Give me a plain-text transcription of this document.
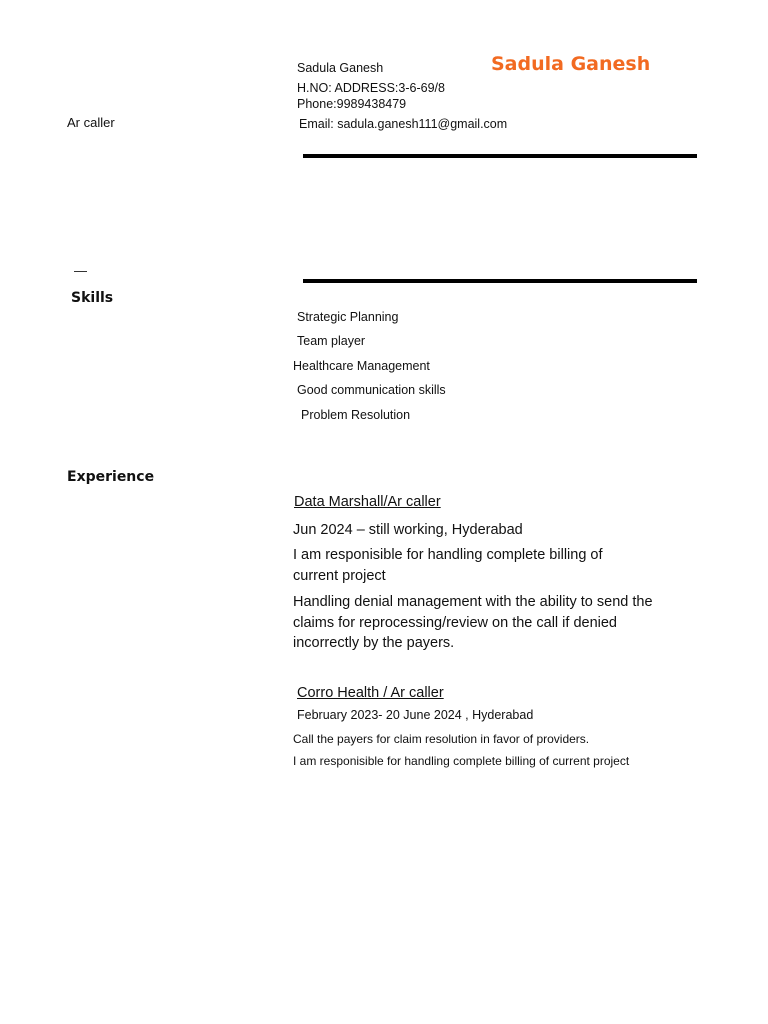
Sadula Ganesh
H.NO: ADDRESS:3-6-69/8
Phone:9989438479
Email: sadula.ganesh111@gmail.com
Sadula Ganesh
Ar caller
—
Skills
Strategic Planning
Team player
Healthcare Management
Good communication skills
Problem Resolution
Experience
Data Marshall/Ar caller
Jun 2024 – still working, Hyderabad
I am responisible for handling complete billing of current project
Handling denial management with the ability to send the claims for reprocessing/review on the call if denied incorrectly by the payers.
Corro Health / Ar caller
February 2023- 20 June 2024 , Hyderabad
Call the payers for claim resolution in favor of providers.
I am responisible for handling complete billing of current project
